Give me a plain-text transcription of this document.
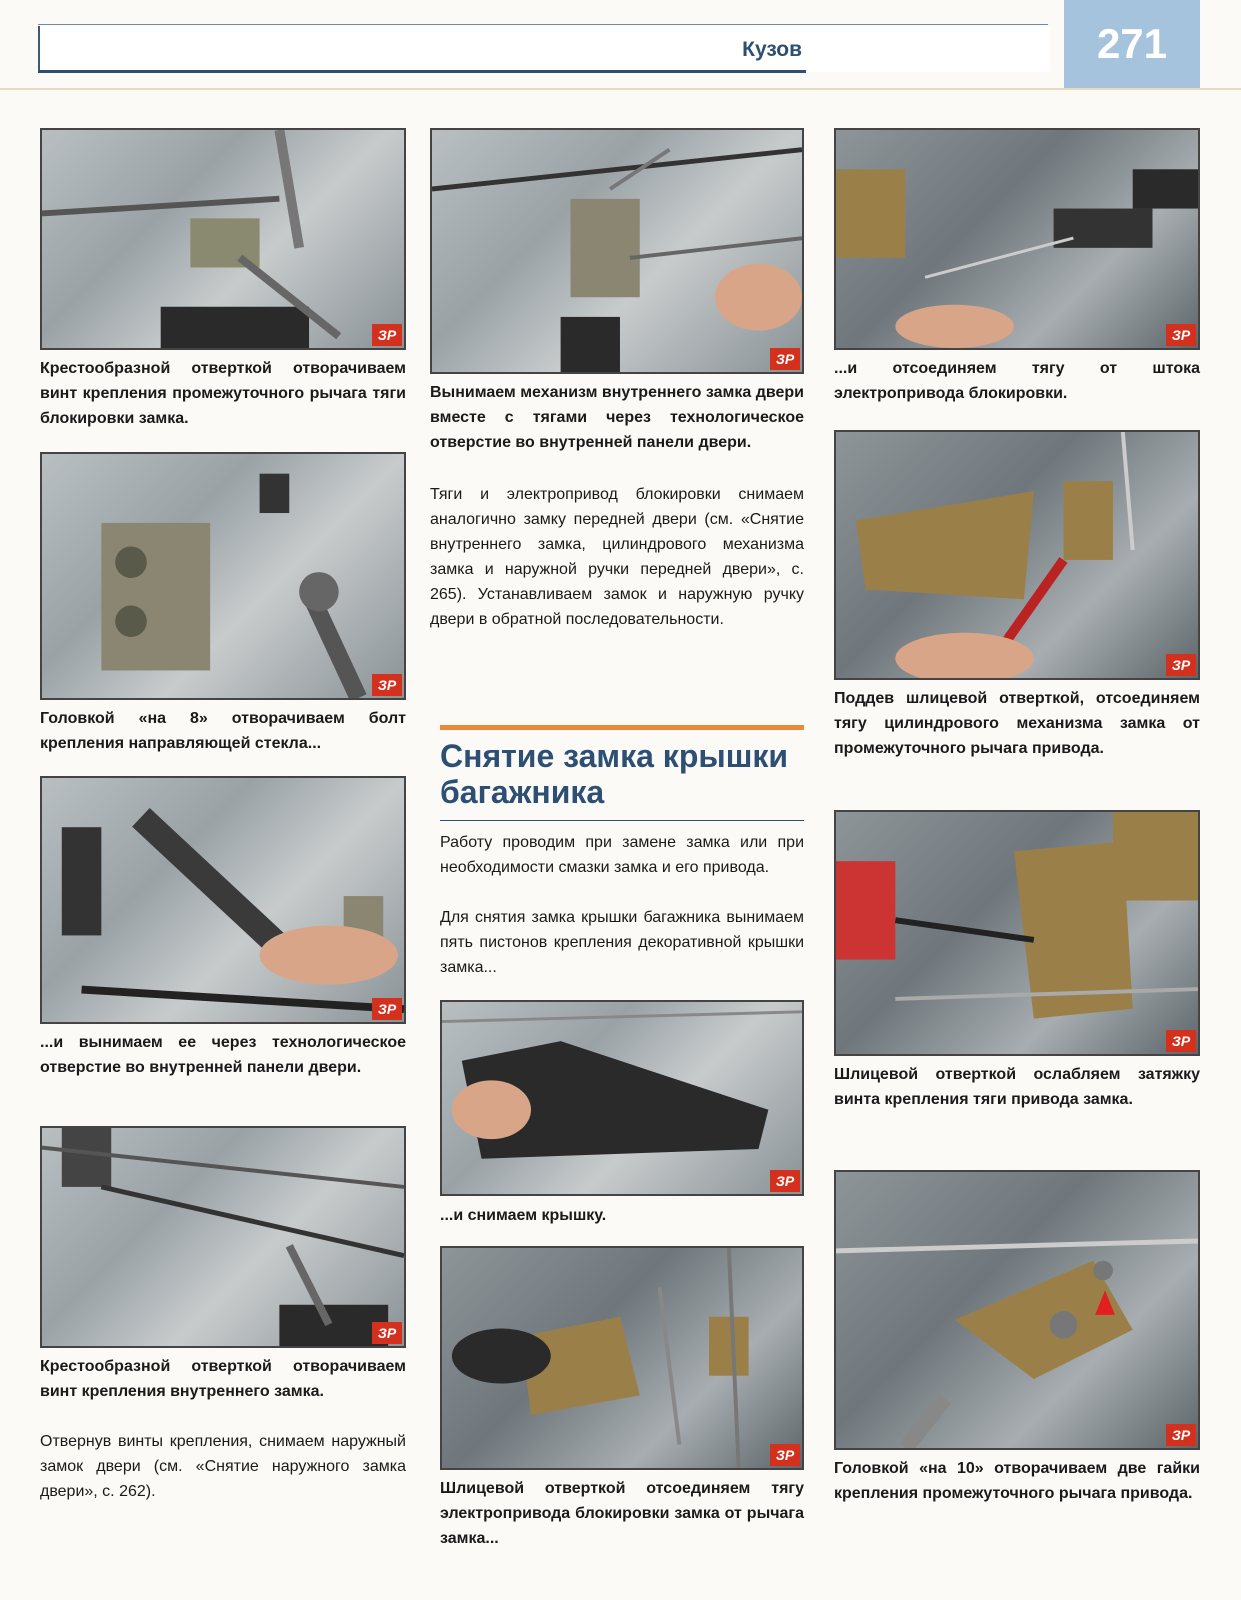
Кузов	271
ЗР
Крестообразной отверткой отворачиваем винт крепления промежуточного рычага тяги блокировки замка.
ЗР
Головкой «на 8» отворачиваем болт крепления направляющей стекла...
ЗР
...и вынимаем ее через технологическое отверстие во внутренней панели двери.
ЗР
Крестообразной отверткой отворачиваем винт крепления внутреннего замка.
Отвернув винты крепления, снимаем наружный замок двери (см. «Снятие наружного замка двери», с. 262).
ЗР
Вынимаем механизм внутреннего замка двери вместе с тягами через технологическое отверстие во внутренней панели двери.
Тяги и электропривод блокировки снимаем аналогично замку передней двери (см. «Снятие внутреннего замка, цилиндрового механизма замка и наружной ручки передней двери», с. 265). Устанавливаем замок и наружную ручку двери в обратной последовательности.
Снятие замка крышки багажника
Работу проводим при замене замка или при необходимости смазки замка и его привода.
Для снятия замка крышки багажника вынимаем пять пистонов крепления декоративной крышки замка...
ЗР
...и снимаем крышку.
ЗР
Шлицевой отверткой отсоединяем тягу электропривода блокировки замка от рычага замка...
ЗР
...и отсоединяем тягу от штока электропривода блокировки.
ЗР
Поддев шлицевой отверткой, отсоединяем тягу цилиндрового механизма замка от промежуточного рычага привода.
ЗР
Шлицевой отверткой ослабляем затяжку винта крепления тяги привода замка.
ЗР
Головкой «на 10» отворачиваем две гайки крепления промежуточного рычага привода.
